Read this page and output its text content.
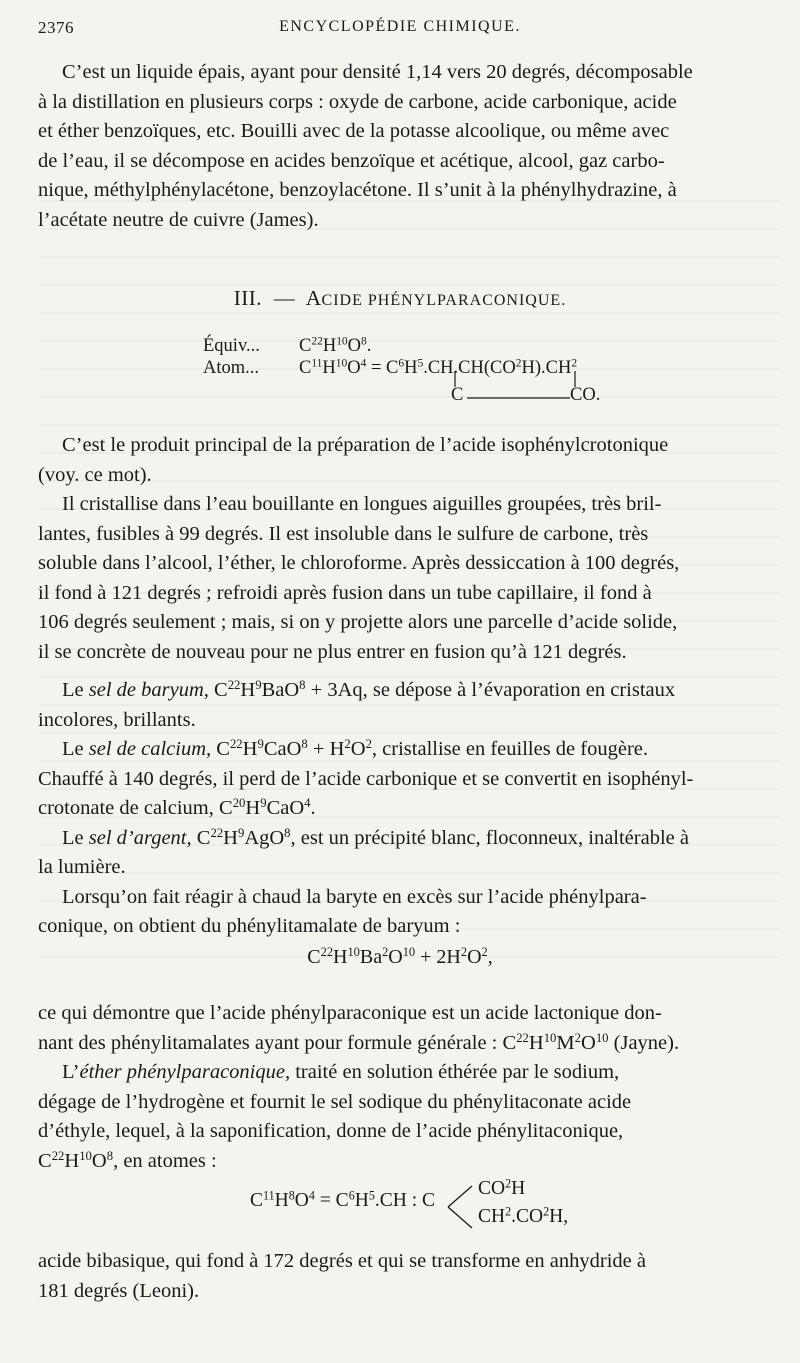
2376	ENCYCLOPÉDIE CHIMIQUE.
C’est un liquide épais, ayant pour densité 1,14 vers 20 degrés, décomposable
à la distillation en plusieurs corps : oxyde de carbone, acide carbonique, acide
et éther benzoïques, etc. Bouilli avec de la potasse alcoolique, ou même avec
de l’eau, il se décompose en acides benzoïque et acétique, alcool, gaz carbo-
nique, méthylphénylacétone, benzoylacétone. Il s’unit à la phénylhydrazine, à
l’acétate neutre de cuivre (James).
III. — ACIDE PHÉNYLPARACONIQUE.
Équiv... $C^{22}H^{10}O^8$.
Atom... $C^{11}H^{10}O^4 = C^6H^5.CH.CH(CO^2H).CH^2$
C	CO.
C’est le produit principal de la préparation de l’acide isophénylcrotonique
(voy. ce mot).
Il cristallise dans l’eau bouillante en longues aiguilles groupées, très bril-
lantes, fusibles à 99 degrés. Il est insoluble dans le sulfure de carbone, très
soluble dans l’alcool, l’éther, le chloroforme. Après dessiccation à 100 degrés,
il fond à 121 degrés ; refroidi après fusion dans un tube capillaire, il fond à
106 degrés seulement ; mais, si on y projette alors une parcelle d’acide solide,
il se concrète de nouveau pour ne plus entrer en fusion qu’à 121 degrés.
Le sel de baryum, $C^{22}H^9BaO^8 + 3Aq$, se dépose à l’évaporation en cristaux
incolores, brillants.
Le sel de calcium, $C^{22}H^9CaO^8 + H^2O^2$, cristallise en feuilles de fougère.
Chauffé à 140 degrés, il perd de l’acide carbonique et se convertit en isophényl-
crotonate de calcium, $C^{20}H^9CaO^4$.
Le sel d’argent, $C^{22}H^9AgO^8$, est un précipité blanc, floconneux, inaltérable à
la lumière.
Lorsqu’on fait réagir à chaud la baryte en excès sur l’acide phénylpara-
conique, on obtient du phénylitamalate de baryum :
$C^{22}H^{10}Ba^2O^{10} + 2H^2O^2$,
ce qui démontre que l’acide phénylparaconique est un acide lactonique don-
nant des phénylitamalates ayant pour formule générale : $C^{22}H^{10}M^2O^{10}$ (Jayne).
L’éther phénylparaconique, traité en solution éthérée par le sodium,
dégage de l’hydrogène et fournit le sel sodique du phénylitaconate acide
d’éthyle, lequel, à la saponification, donne de l’acide phénylitaconique,
$C^{22}H^{10}O^8$, en atomes :
$C^{11}H^8O^4 = C^6H^5.CH$ : C
$CO^2H$
$CH^2.CO^2H$,
acide bibasique, qui fond à 172 degrés et qui se transforme en anhydride à
181 degrés (Leoni).
